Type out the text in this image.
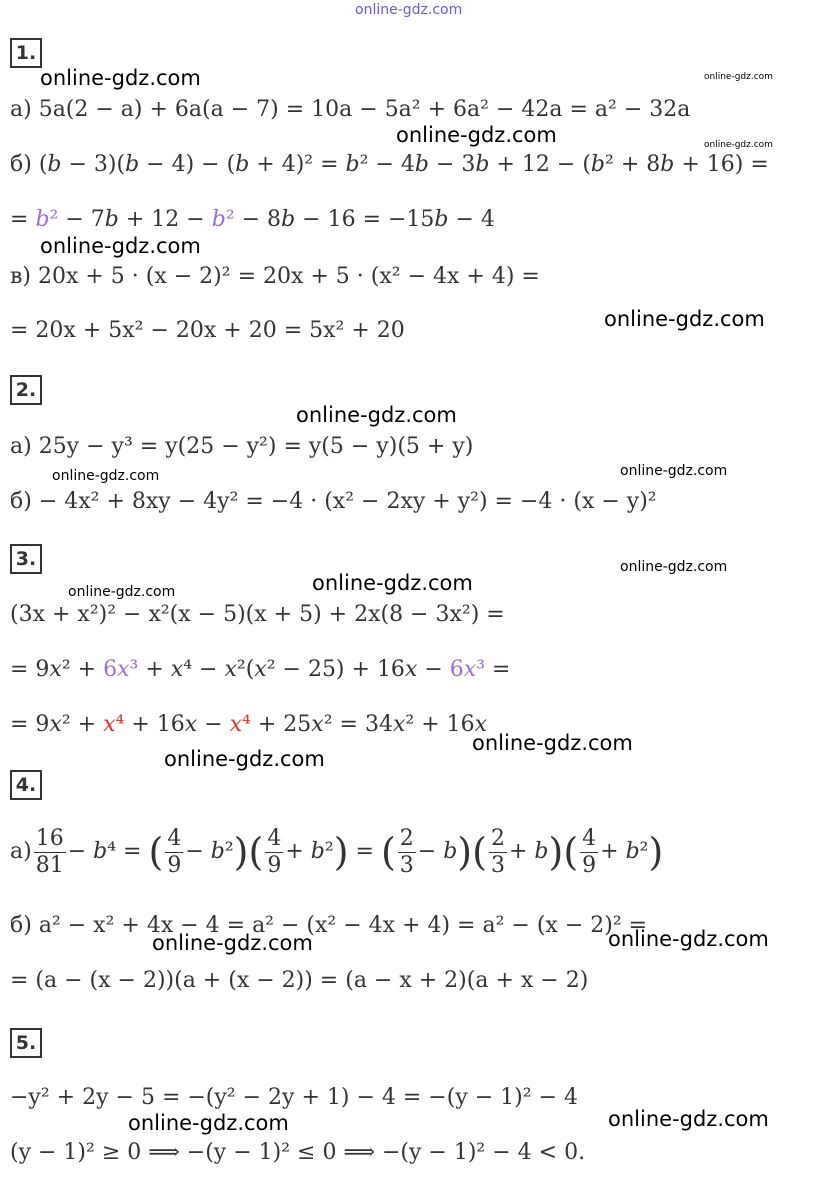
online-gdz.com
1.
а) 5a(2 − a) + 6a(a − 7) = 10a − 5a² + 6a² − 42a = a² − 32a
б) (b − 3)(b − 4) − (b + 4)² = b² − 4b − 3b + 12 − (b² + 8b + 16) =
= b² − 7b + 12 − b² − 8b − 16 = −15b − 4
в) 20x + 5 · (x − 2)² = 20x + 5 · (x² − 4x + 4) =
= 20x + 5x² − 20x + 20 = 5x² + 20
2.
а) 25y − y³ = y(25 − y²) = y(5 − y)(5 + y)
б) − 4x² + 8xy − 4y² = −4 · (x² − 2xy + y²) = −4 · (x − y)²
3.
(3x + x²)² − x²(x − 5)(x + 5) + 2x(8 − 3x²) =
= 9x² + 6x³ + x⁴ − x²(x² − 25) + 16x − 6x³ =
= 9x² + x⁴ + 16x − x⁴ + 25x² = 34x² + 16x
4.
$а) \frac{16}{81} - b^4$ = ( $\frac{4}{9} - b^2)( \frac{4}{9} + b^2)$ = ( $\frac{2}{3} - b)( \frac{2}{3} + b)( \frac{4}{9} + b^2)$
б) a² − x² + 4x − 4 = a² − (x² − 4x + 4) = a² − (x − 2)² =
= (a − (x − 2))(a + (x − 2)) = (a − x + 2)(a + x − 2)
5.
−y² + 2y − 5 = −(y² − 2y + 1) − 4 = −(y − 1)² − 4
(y − 1)² ≥ 0 ⟹ −(y − 1)² ≤ 0 ⟹ −(y − 1)² − 4 < 0.
online-gdz.com	online-gdz.com
online-gdz.com	online-gdz.com
online-gdz.com
online-gdz.com
online-gdz.com
online-gdz.com	online-gdz.com
online-gdz.com
online-gdz.com
online-gdz.com
online-gdz.com
online-gdz.com
online-gdz.com	online-gdz.com
online-gdz.com	online-gdz.com
